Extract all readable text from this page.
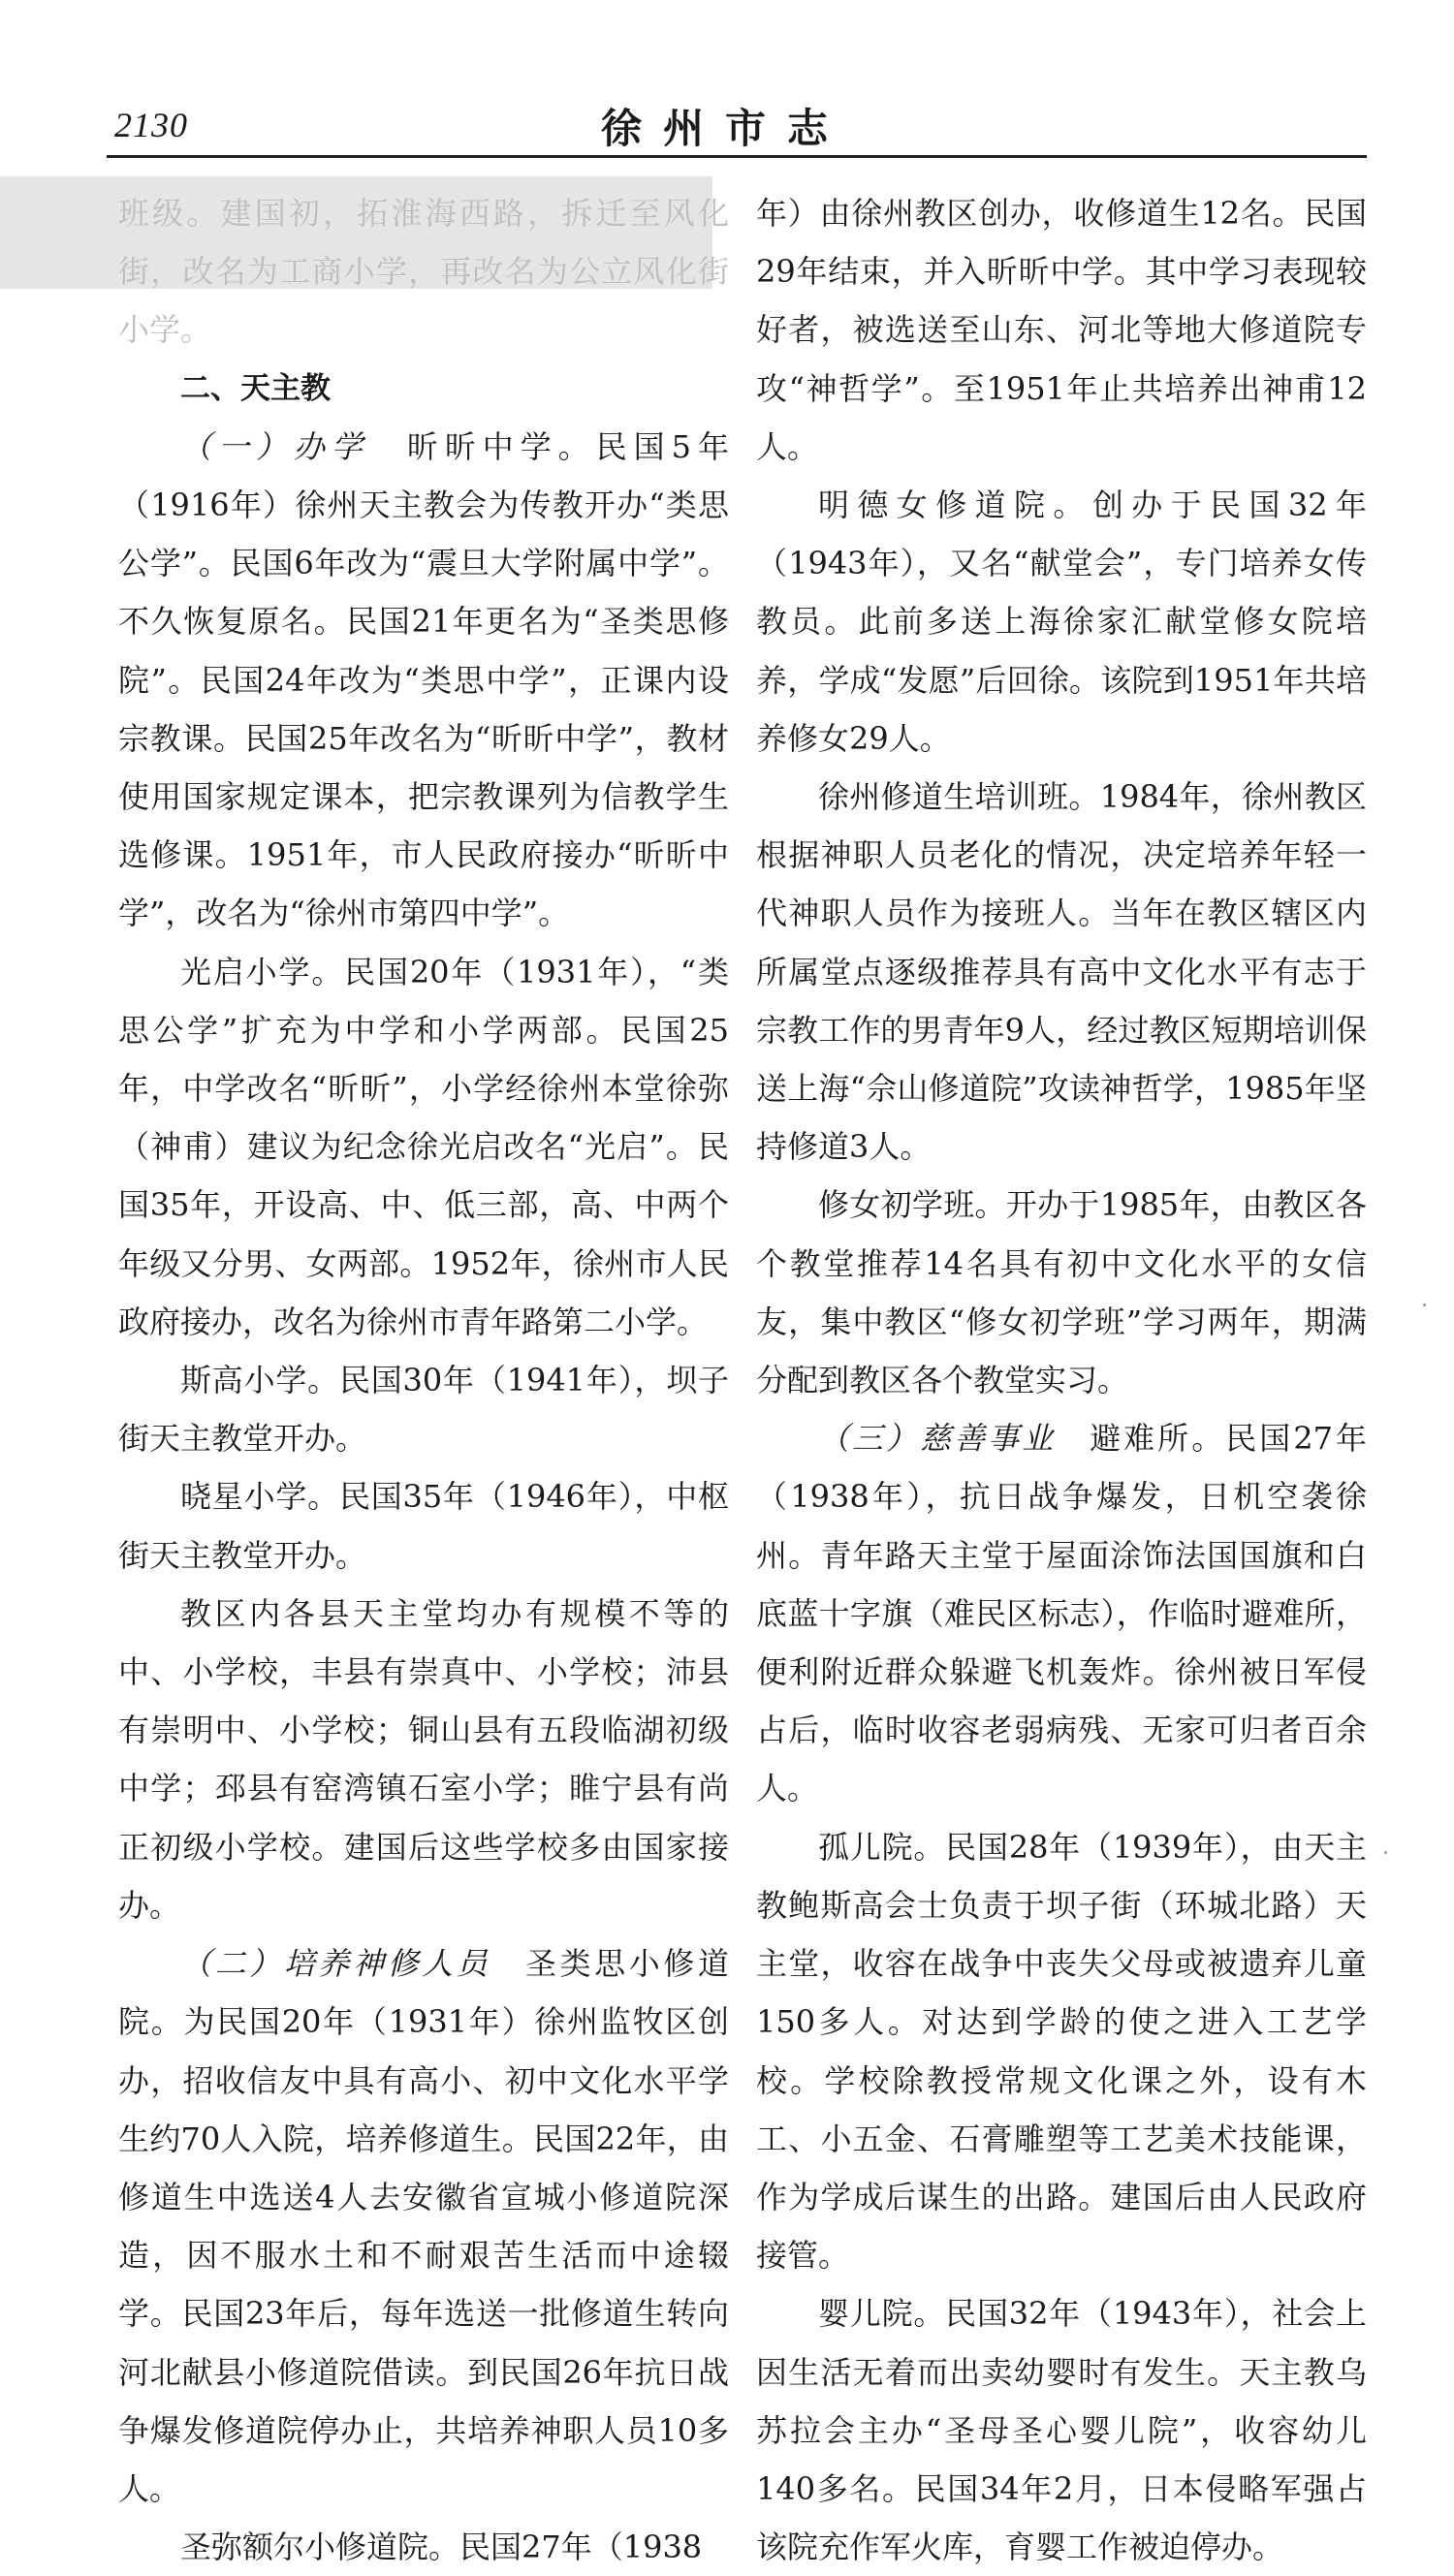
2130	徐州市志

班级。建国初，拓淮海西路，拆迁至风化街，改名为工商小学，再改名为公立风化街小学。

二、天主教

（一）办学　昕昕中学。民国5年（1916年）徐州天主教会为传教开办“类思公学”。民国6年改为“震旦大学附属中学”。不久恢复原名。民国21年更名为“圣类思修院”。民国24年改为“类思中学”，正课内设宗教课。民国25年改名为“昕昕中学”，教材使用国家规定课本，把宗教课列为信教学生选修课。1951年，市人民政府接办“昕昕中学”，改名为“徐州市第四中学”。

光启小学。民国20年（1931年），“类思公学”扩充为中学和小学两部。民国25年，中学改名“昕昕”，小学经徐州本堂徐弥（神甫）建议为纪念徐光启改名“光启”。民国35年，开设高、中、低三部，高、中两个年级又分男、女两部。1952年，徐州市人民政府接办，改名为徐州市青年路第二小学。

斯高小学。民国30年（1941年），坝子街天主教堂开办。

晓星小学。民国35年（1946年），中枢街天主教堂开办。

教区内各县天主堂均办有规模不等的中、小学校，丰县有崇真中、小学校；沛县有崇明中、小学校；铜山县有五段临湖初级中学；邳县有窑湾镇石室小学；睢宁县有尚正初级小学校。建国后这些学校多由国家接办。

（二）培养神修人员　圣类思小修道院。为民国20年（1931年）徐州监牧区创办，招收信友中具有高小、初中文化水平学生约70人入院，培养修道生。民国22年，由修道生中选送4人去安徽省宣城小修道院深造，因不服水土和不耐艰苦生活而中途辍学。民国23年后，每年选送一批修道生转向河北献县小修道院借读。到民国26年抗日战争爆发修道院停办止，共培养神职人员10多人。

圣弥额尔小修道院。民国27年（1938

年）由徐州教区创办，收修道生12名。民国29年结束，并入昕昕中学。其中学习表现较好者，被选送至山东、河北等地大修道院专攻“神哲学”。至1951年止共培养出神甫12人。

明德女修道院。创办于民国32年（1943年），又名“献堂会”，专门培养女传教员。此前多送上海徐家汇献堂修女院培养，学成“发愿”后回徐。该院到1951年共培养修女29人。

徐州修道生培训班。1984年，徐州教区根据神职人员老化的情况，决定培养年轻一代神职人员作为接班人。当年在教区辖区内所属堂点逐级推荐具有高中文化水平有志于宗教工作的男青年9人，经过教区短期培训保送上海“佘山修道院”攻读神哲学，1985年坚持修道3人。

修女初学班。开办于1985年，由教区各个教堂推荐14名具有初中文化水平的女信友，集中教区“修女初学班”学习两年，期满分配到教区各个教堂实习。

（三）慈善事业　避难所。民国27年（1938年），抗日战争爆发，日机空袭徐州。青年路天主堂于屋面涂饰法国国旗和白底蓝十字旗（难民区标志），作临时避难所，便利附近群众躲避飞机轰炸。徐州被日军侵占后，临时收容老弱病残、无家可归者百余人。

孤儿院。民国28年（1939年），由天主教鲍斯高会士负责于坝子街（环城北路）天主堂，收容在战争中丧失父母或被遗弃儿童150多人。对达到学龄的使之进入工艺学校。学校除教授常规文化课之外，设有木工、小五金、石膏雕塑等工艺美术技能课，作为学成后谋生的出路。建国后由人民政府接管。

婴儿院。民国32年（1943年），社会上因生活无着而出卖幼婴时有发生。天主教乌苏拉会主办“圣母圣心婴儿院”，收容幼儿140多名。民国34年2月，日本侵略军强占该院充作军火库，育婴工作被迫停办。
